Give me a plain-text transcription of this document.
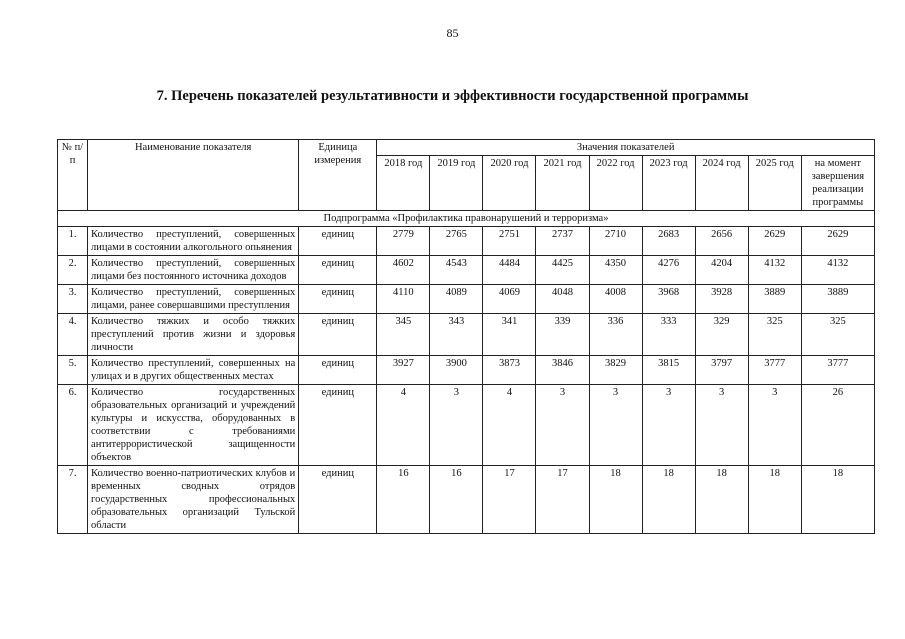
85
7. Перечень показателей результативности и эффективности государственной программы
№ п/п	Наименование показателя	Единица измерения	Значения показателей								
			2018 год	2019 год	2020 год	2021 год	2022 год	2023 год	2024 год	2025 год	на момент завершения реализации программы
Подпрограмма «Профилактика правонарушений и терроризма»											
1.	Количество преступлений, совершенных лицами в состоянии алкогольного опьянения	единиц	2779	2765	2751	2737	2710	2683	2656	2629	2629
2.	Количество преступлений, совершенных лицами без постоянного источника доходов	единиц	4602	4543	4484	4425	4350	4276	4204	4132	4132
3.	Количество преступлений, совершенных лицами, ранее совершавшими преступления	единиц	4110	4089	4069	4048	4008	3968	3928	3889	3889
4.	Количество тяжких и особо тяжких преступлений против жизни и здоровья личности	единиц	345	343	341	339	336	333	329	325	325
5.	Количество преступлений, совершенных на улицах и в других общественных местах	единиц	3927	3900	3873	3846	3829	3815	3797	3777	3777
6.	Количество государственных образовательных организаций и учреждений культуры и искусства, оборудованных в соответствии с требованиями антитеррористической защищенности объектов	единиц	4	3	4	3	3	3	3	3	26
7.	Количество военно-патриотических клубов и временных сводных отрядов государственных профессиональных образовательных организаций Тульской области	единиц	16	16	17	17	18	18	18	18	18
